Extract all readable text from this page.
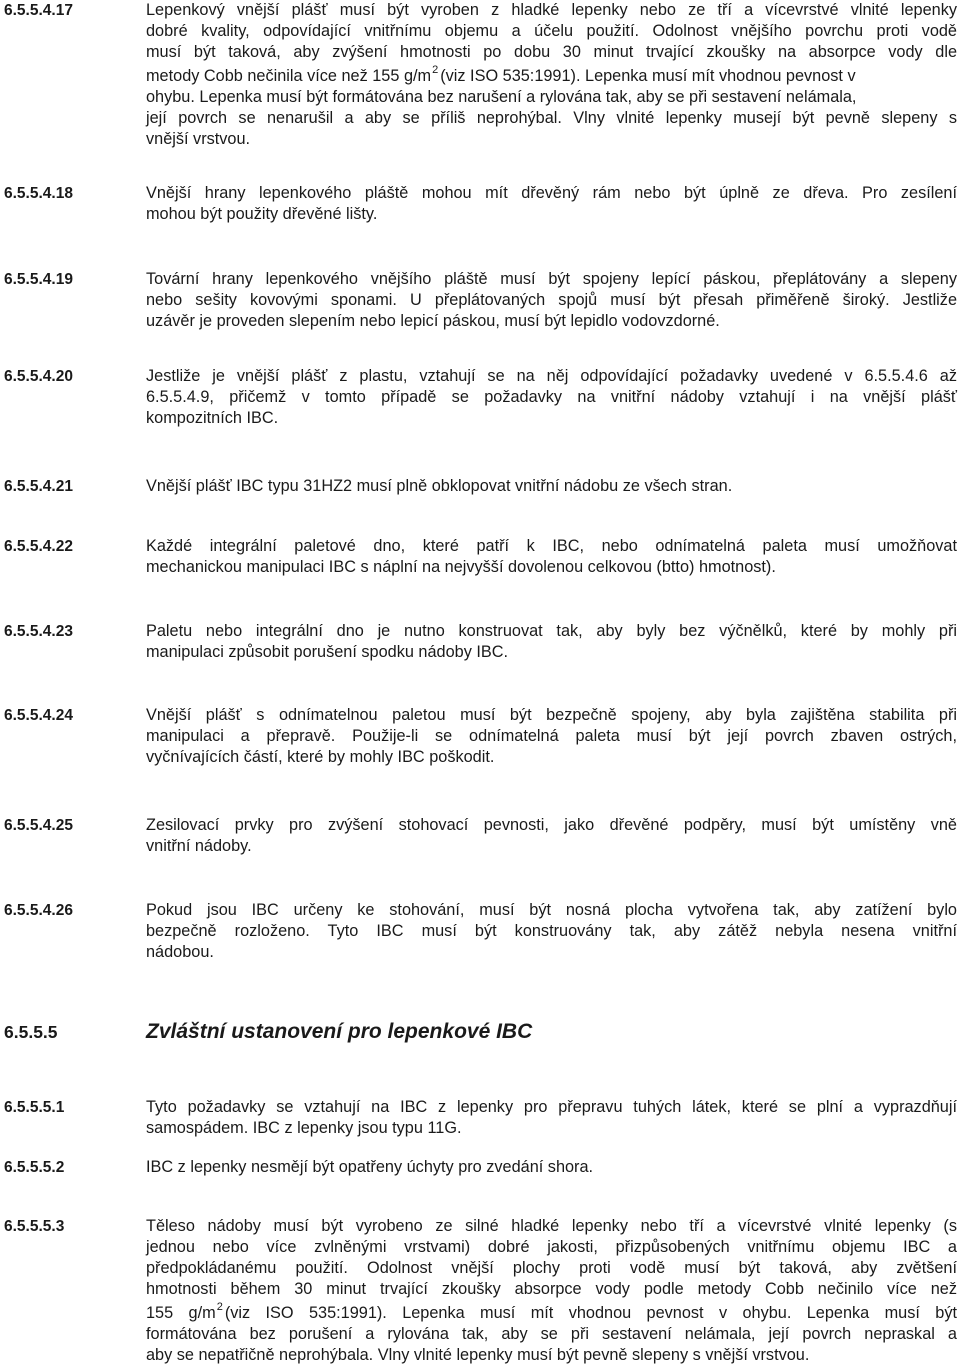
6.5.5.4.17	Lepenkový vnější plášť musí být vyroben z hladké lepenky nebo ze tří a vícevrstvé vlnité lepenky
dobré kvality, odpovídající vnitřnímu objemu a účelu použití. Odolnost vnějšího povrchu proti vodě
musí být taková, aby zvýšení hmotnosti po dobu 30 minut trvající zkoušky na absorpce vody dle
metody Cobb nečinila více než 155 $g/m^2$ (viz ISO 535:1991). Lepenka musí mít vhodnou pevnost v
ohybu. Lepenka musí být formátována bez narušení a rylována tak, aby se při sestavení nelámala,
její povrch se nenarušil a aby se příliš neprohýbal. Vlny vlnité lepenky musejí být pevně slepeny s
vnější vrstvou.
6.5.5.4.18	Vnější hrany lepenkového pláště mohou mít dřevěný rám nebo být úplně ze dřeva. Pro zesílení
mohou být použity dřevěné lišty.
6.5.5.4.19	Tovární hrany lepenkového vnějšího pláště musí být spojeny lepící páskou, přeplátovány a slepeny
nebo sešity kovovými sponami. U přeplátovaných spojů musí být přesah přiměřeně široký. Jestliže
uzávěr je proveden slepením nebo lepicí páskou, musí být lepidlo vodovzdorné.
6.5.5.4.20	Jestliže je vnější plášť z plastu, vztahují se na něj odpovídající požadavky uvedené v 6.5.5.4.6 až
6.5.5.4.9, přičemž v tomto případě se požadavky na vnitřní nádoby vztahují i na vnější plášť
kompozitních IBC.
6.5.5.4.21	Vnější plášť IBC typu 31HZ2 musí plně obklopovat vnitřní nádobu ze všech stran.
6.5.5.4.22	Každé integrální paletové dno, které patří k IBC, nebo odnímatelná paleta musí umožňovat
mechanickou manipulaci IBC s náplní na nejvyšší dovolenou celkovou (btto) hmotnost).
6.5.5.4.23	Paletu nebo integrální dno je nutno konstruovat tak, aby byly bez výčnělků, které by mohly při
manipulaci způsobit porušení spodku nádoby IBC.
6.5.5.4.24	Vnější plášť s odnímatelnou paletou musí být bezpečně spojeny, aby byla zajištěna stabilita při
manipulaci a přepravě. Použije-li se odnímatelná paleta musí být její povrch zbaven ostrých,
vyčnívajících částí, které by mohly IBC poškodit.
6.5.5.4.25	Zesilovací prvky pro zvýšení stohovací pevnosti, jako dřevěné podpěry, musí být umístěny vně
vnitřní nádoby.
6.5.5.4.26	Pokud jsou IBC určeny ke stohování, musí být nosná plocha vytvořena tak, aby zatížení bylo
bezpečně rozloženo. Tyto IBC musí být konstruovány tak, aby zátěž nebyla nesena vnitřní
nádobou.
6.5.5.5	Zvláštní ustanovení pro lepenkové IBC
6.5.5.5.1	Tyto požadavky se vztahují na IBC z lepenky pro přepravu tuhých látek, které se plní a vyprazdňují
samospádem. IBC z lepenky jsou typu 11G.
6.5.5.5.2	IBC z lepenky nesmějí být opatřeny úchyty pro zvedání shora.
6.5.5.5.3	Těleso nádoby musí být vyrobeno ze silné hladké lepenky nebo tří a vícevrstvé vlnité lepenky (s
jednou nebo více zvlněnými vrstvami) dobré jakosti, přizpůsobených vnitřnímu objemu IBC a
předpokládanému použití. Odolnost vnější plochy proti vodě musí být taková, aby zvětšení
hmotnosti během 30 minut trvající zkoušky absorpce vody podle metody Cobb nečinilo více než
155 $g/m^2$ (viz ISO 535:1991). Lepenka musí mít vhodnou pevnost v ohybu. Lepenka musí být
formátována bez porušení a rylována tak, aby se při sestavení nelámala, její povrch nepraskal a
aby se nepatřičně neprohýbala. Vlny vlnité lepenky musí být pevně slepeny s vnější vrstvou.
